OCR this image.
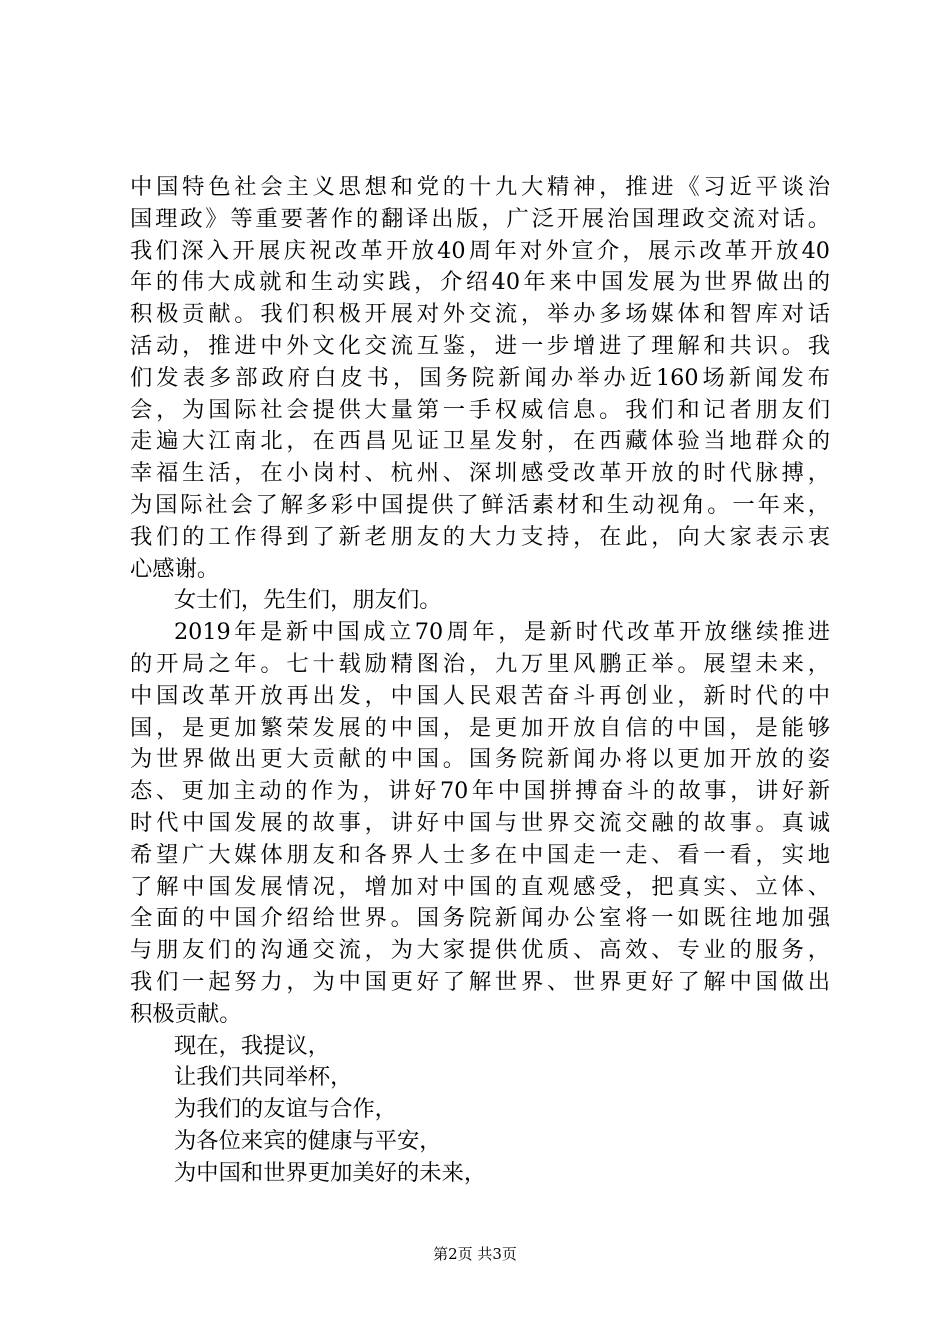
中国特色社会主义思想和党的十九大精神，推进《习近平谈治
国理政》等重要著作的翻译出版，广泛开展治国理政交流对话。
我们深入开展庆祝改革开放40周年对外宣介，展示改革开放40
年的伟大成就和生动实践，介绍40年来中国发展为世界做出的
积极贡献。我们积极开展对外交流，举办多场媒体和智库对话
活动，推进中外文化交流互鉴，进一步增进了理解和共识。我
们发表多部政府白皮书，国务院新闻办举办近160场新闻发布
会，为国际社会提供大量第一手权威信息。我们和记者朋友们
走遍大江南北，在西昌见证卫星发射，在西藏体验当地群众的
幸福生活，在小岗村、杭州、深圳感受改革开放的时代脉搏，
为国际社会了解多彩中国提供了鲜活素材和生动视角。一年来，
我们的工作得到了新老朋友的大力支持，在此，向大家表示衷
心感谢。
女士们，先生们，朋友们。
2019年是新中国成立70周年，是新时代改革开放继续推进
的开局之年。七十载励精图治，九万里风鹏正举。展望未来，
中国改革开放再出发，中国人民艰苦奋斗再创业，新时代的中
国，是更加繁荣发展的中国，是更加开放自信的中国，是能够
为世界做出更大贡献的中国。国务院新闻办将以更加开放的姿
态、更加主动的作为，讲好70年中国拼搏奋斗的故事，讲好新
时代中国发展的故事，讲好中国与世界交流交融的故事。真诚
希望广大媒体朋友和各界人士多在中国走一走、看一看，实地
了解中国发展情况，增加对中国的直观感受，把真实、立体、
全面的中国介绍给世界。国务院新闻办公室将一如既往地加强
与朋友们的沟通交流，为大家提供优质、高效、专业的服务，
我们一起努力，为中国更好了解世界、世界更好了解中国做出
积极贡献。
现在，我提议，
让我们共同举杯，
为我们的友谊与合作，
为各位来宾的健康与平安，
为中国和世界更加美好的未来，
第2页 共3页
